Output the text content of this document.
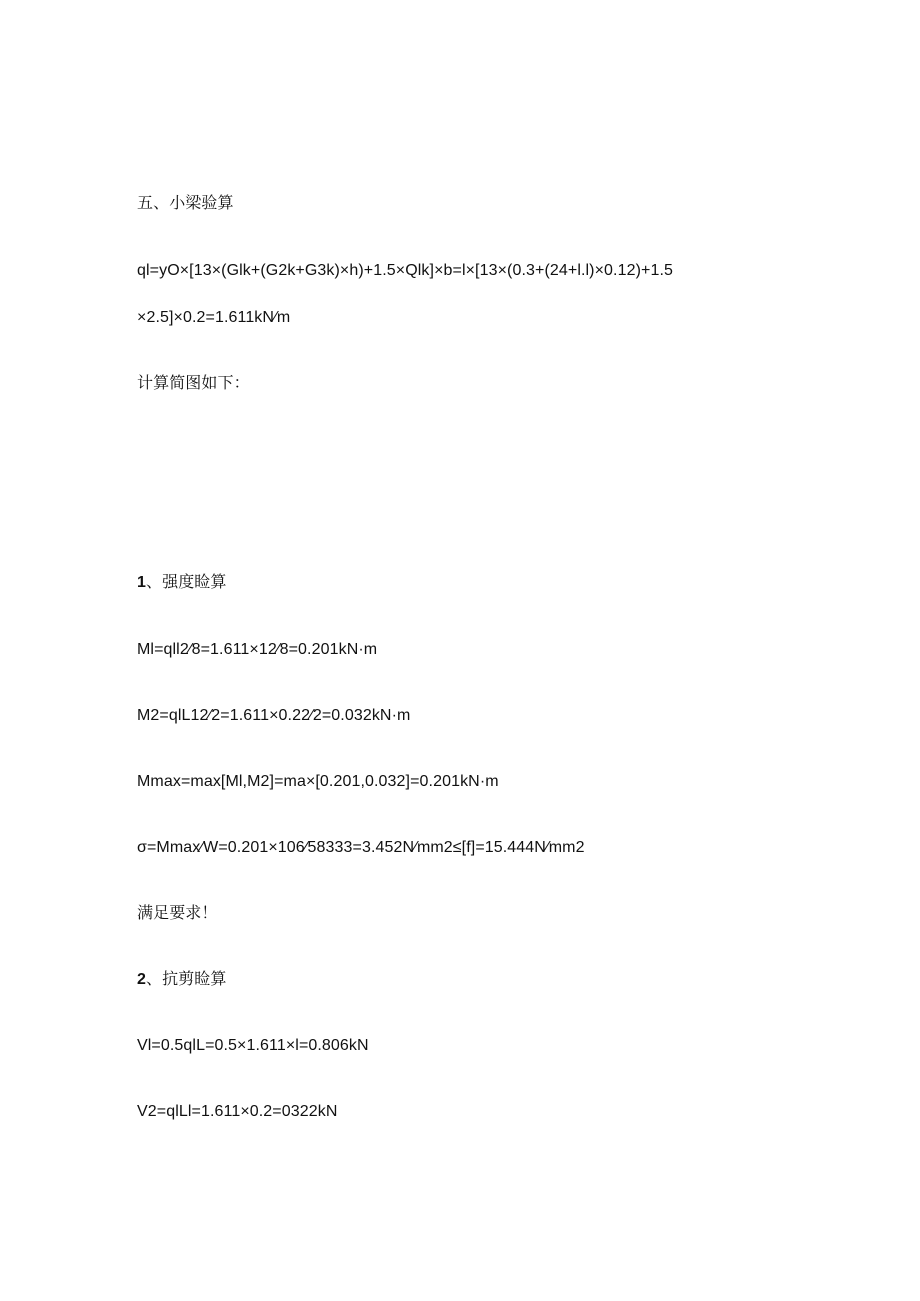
五、小梁验算
ql=yO×[13×(Glk+(G2k+G3k)×h)+1.5×Qlk]×b=l×[13×(0.3+(24+l.l)×0.12)+1.5
×2.5]×0.2=1.611kN∕m
计算简图如下：
1、强度睑算
Ml=qll2∕8=1.611×12∕8=0.201kN·m
M2=qlL12∕2=1.611×0.22∕2=0.032kN·m
Mmax=max[Ml,M2]=ma×[0.201,0.032]=0.201kN·m
σ=Mmax∕W=0.201×106∕58333=3.452N∕mm2≤[f]=15.444N∕mm2
满足要求！
2、抗剪睑算
Vl=0.5qlL=0.5×1.611×l=0.806kN
V2=qlLl=1.611×0.2=0322kN
